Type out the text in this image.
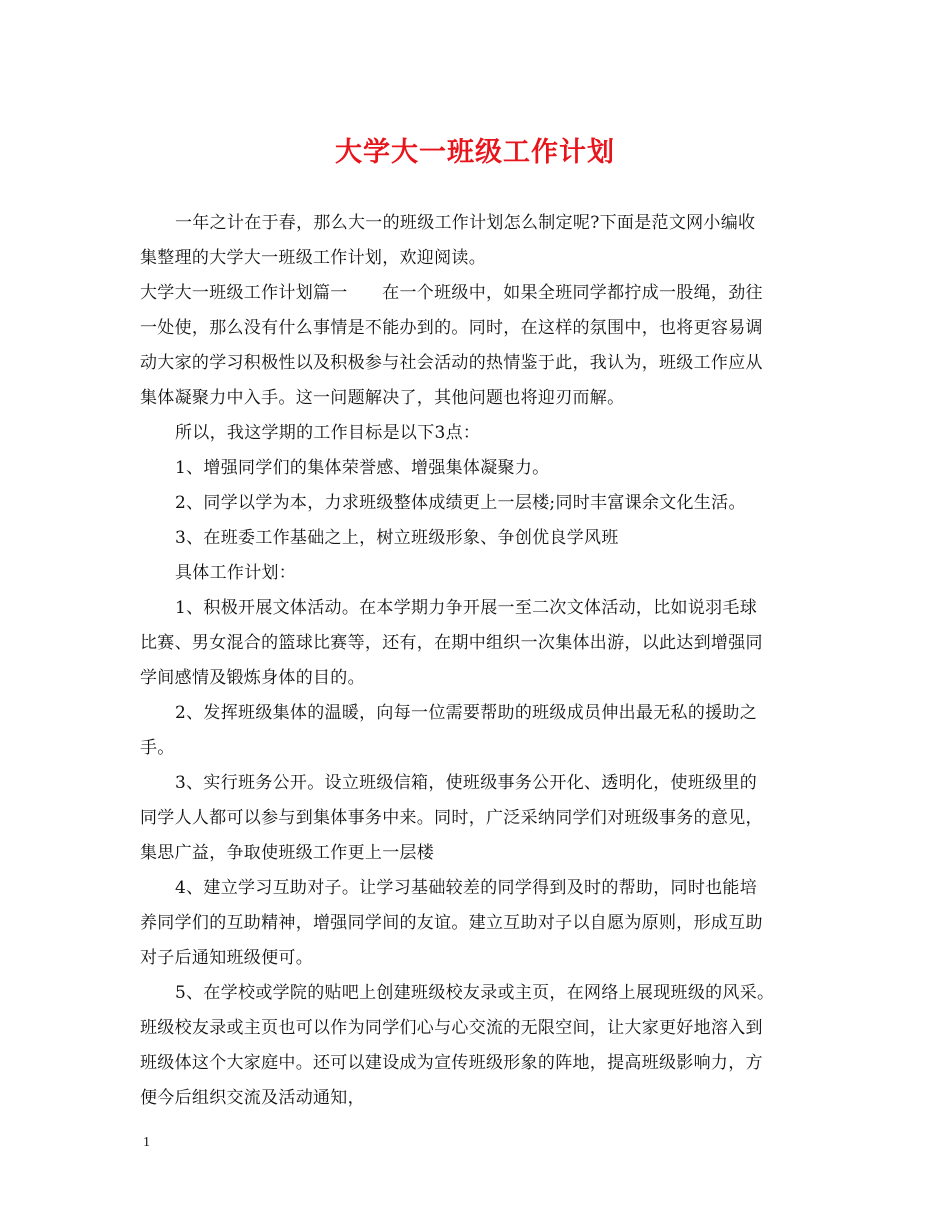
大学大一班级工作计划
一年之计在于春，那么大一的班级工作计划怎么制定呢?下面是范文网小编收
集整理的大学大一班级工作计划，欢迎阅读。
大学大一班级工作计划篇一　　在一个班级中，如果全班同学都拧成一股绳，劲往
一处使，那么没有什么事情是不能办到的。同时，在这样的氛围中，也将更容易调
动大家的学习积极性以及积极参与社会活动的热情鉴于此，我认为，班级工作应从
集体凝聚力中入手。这一问题解决了，其他问题也将迎刃而解。
所以，我这学期的工作目标是以下3点：
1、增强同学们的集体荣誉感、增强集体凝聚力。
2、同学以学为本，力求班级整体成绩更上一层楼;同时丰富课余文化生活。
3、在班委工作基础之上，树立班级形象、争创优良学风班
具体工作计划：
1、积极开展文体活动。在本学期力争开展一至二次文体活动，比如说羽毛球
比赛、男女混合的篮球比赛等，还有，在期中组织一次集体出游，以此达到增强同
学间感情及锻炼身体的目的。
2、发挥班级集体的温暖，向每一位需要帮助的班级成员伸出最无私的援助之
手。
3、实行班务公开。设立班级信箱，使班级事务公开化、透明化，使班级里的
同学人人都可以参与到集体事务中来。同时，广泛采纳同学们对班级事务的意见，
集思广益，争取使班级工作更上一层楼
4、建立学习互助对子。让学习基础较差的同学得到及时的帮助，同时也能培
养同学们的互助精神，增强同学间的友谊。建立互助对子以自愿为原则，形成互助
对子后通知班级便可。
5、在学校或学院的贴吧上创建班级校友录或主页，在网络上展现班级的风采。
班级校友录或主页也可以作为同学们心与心交流的无限空间，让大家更好地溶入到
班级体这个大家庭中。还可以建设成为宣传班级形象的阵地，提高班级影响力，方
便今后组织交流及活动通知，
1
